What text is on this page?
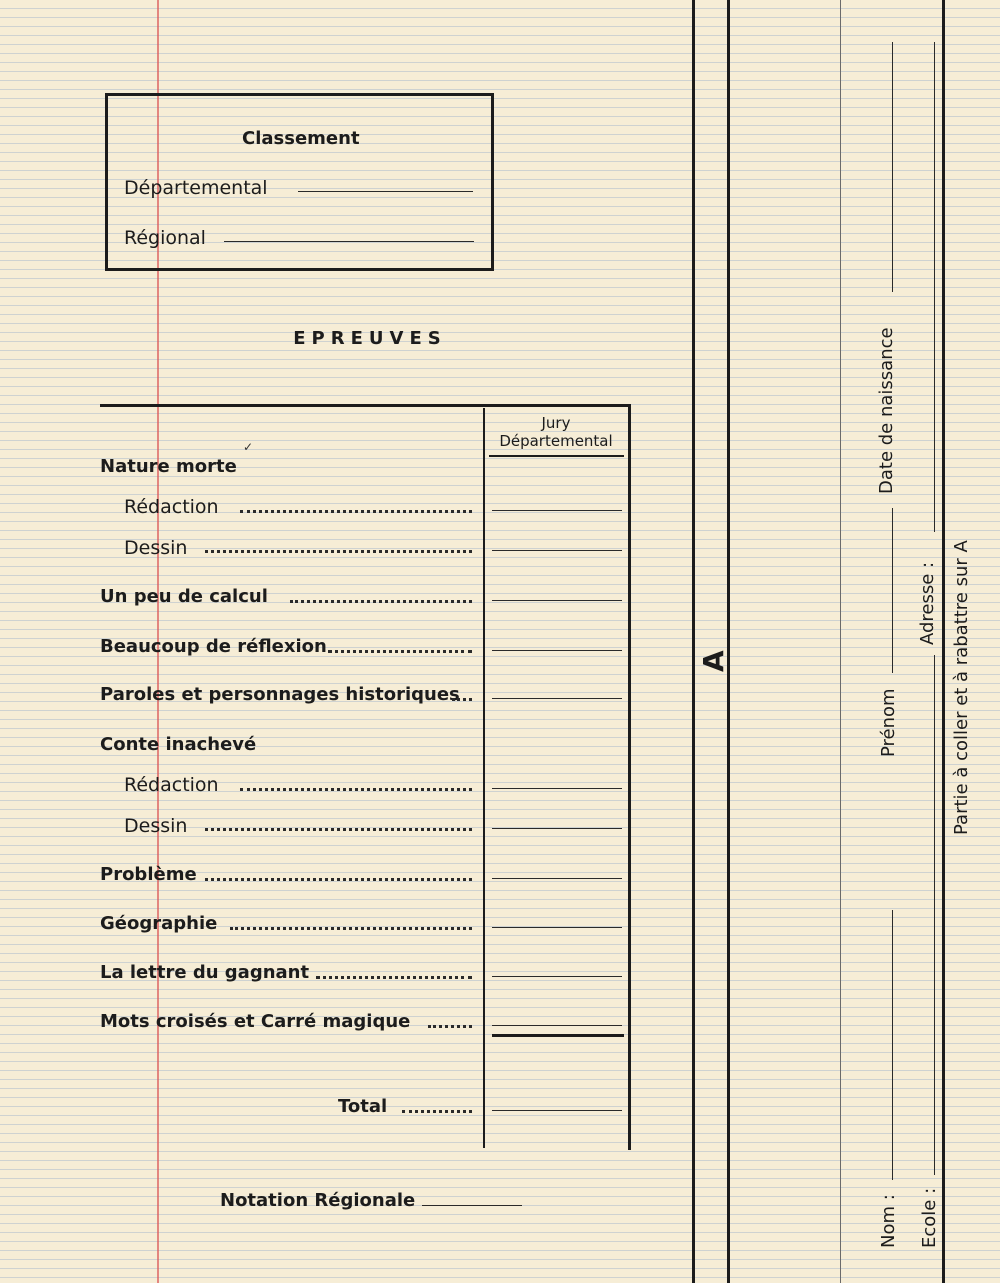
Classement
Départemental
Régional
EPREUVES
Jury
Départemental
Nature morte
Rédaction
Dessin
Un peu de calcul
Beaucoup de réflexion
Paroles et personnages historiques
Conte inachevé
Rédaction
Dessin
Problème
Géographie
La lettre du gagnant
Mots croisés et Carré magique
Total
Notation Régionale
A
Nom :
Prénom
Date de naissance
Ecole :
Adresse : Partie à coller et à rabattre sur A
✓
